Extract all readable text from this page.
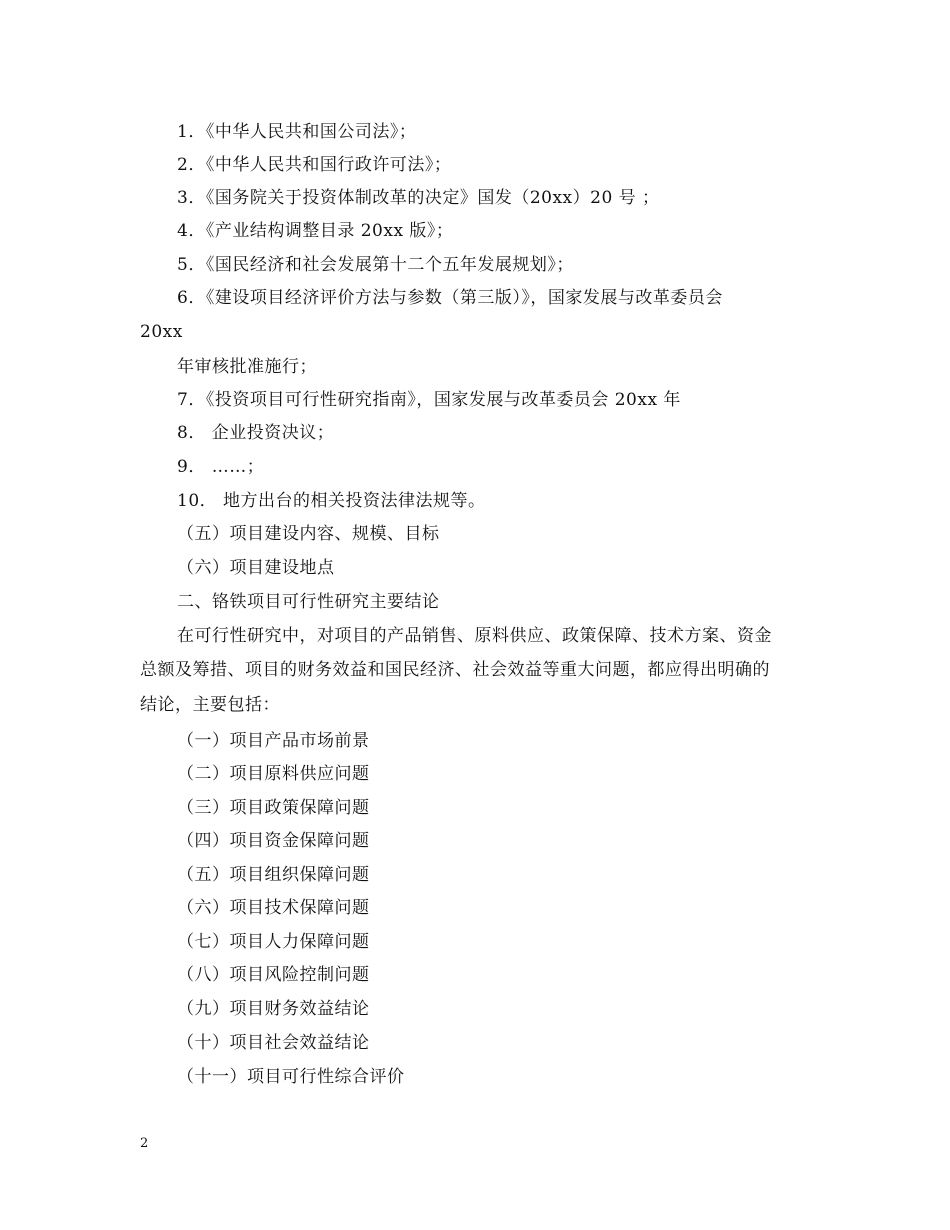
1．《中华人民共和国公司法》；
2．《中华人民共和国行政许可法》；
3．《国务院关于投资体制改革的决定》国发（20xx）20 号 ；
4．《产业结构调整目录 20xx 版》；
5．《国民经济和社会发展第十二个五年发展规划》；
6．《建设项目经济评价方法与参数（第三版）》，国家发展与改革委员会
20xx
年审核批准施行；
7．《投资项目可行性研究指南》，国家发展与改革委员会 20xx 年
8． 企业投资决议；
9． ……；
10． 地方出台的相关投资法律法规等。
（五）项目建设内容、规模、目标
（六）项目建设地点
二、铬铁项目可行性研究主要结论
在可行性研究中，对项目的产品销售、原料供应、政策保障、技术方案、资金
总额及筹措、项目的财务效益和国民经济、社会效益等重大问题，都应得出明确的
结论，主要包括：
（一）项目产品市场前景
（二）项目原料供应问题
（三）项目政策保障问题
（四）项目资金保障问题
（五）项目组织保障问题
（六）项目技术保障问题
（七）项目人力保障问题
（八）项目风险控制问题
（九）项目财务效益结论
（十）项目社会效益结论
（十一）项目可行性综合评价
2
